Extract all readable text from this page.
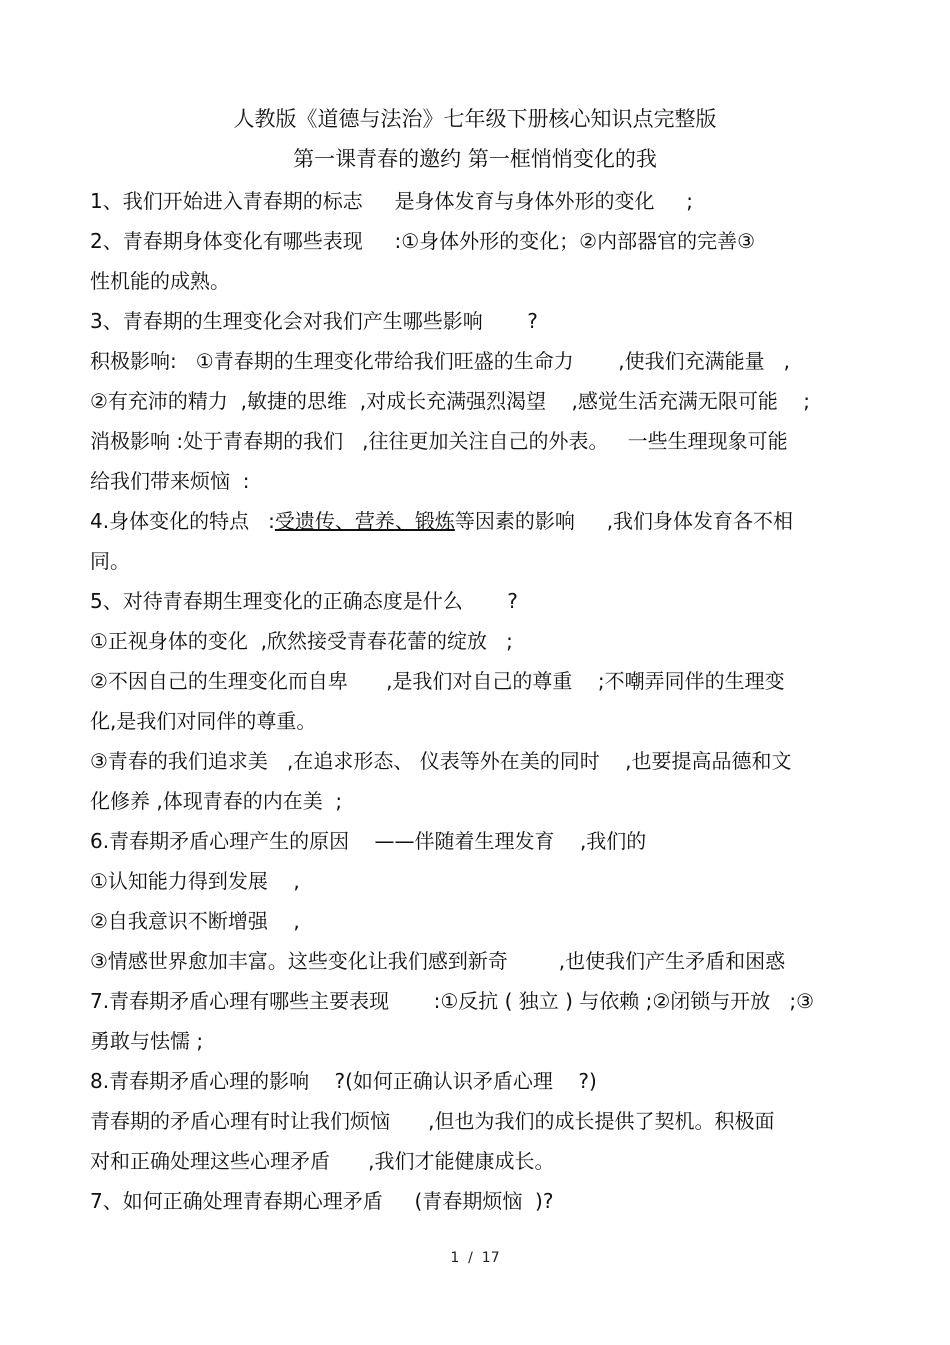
人教版《道德与法治》七年级下册核心知识点完整版
第一课青春的邀约 第一框悄悄变化的我
1、我们开始进入青春期的标志     是身体发育与身体外形的变化     ;
2、青春期身体变化有哪些表现     :①身体外形的变化；②内部器官的完善③
性机能的成熟。
3、青春期的生理变化会对我们产生哪些影响       ?
积极影响:   ①青春期的生理变化带给我们旺盛的生命力       ,使我们充满能量   ,
②有充沛的精力  ,敏捷的思维  ,对成长充满强烈渴望    ,感觉生活充满无限可能    ;
消极影响 :处于青春期的我们   ,往往更加关注自己的外表。   一些生理现象可能
给我们带来烦恼  :
4.身体变化的特点   :受遗传、营养、锻炼等因素的影响     ,我们身体发育各不相
同。
5、对待青春期生理变化的正确态度是什么       ?
①正视身体的变化  ,欣然接受青春花蕾的绽放   ;
②不因自己的生理变化而自卑      ,是我们对自己的尊重    ;不嘲弄同伴的生理变
化,是我们对同伴的尊重。
③青春的我们追求美   ,在追求形态、 仪表等外在美的同时    ,也要提高品德和文
化修养 ,体现青春的内在美  ;
6.青春期矛盾心理产生的原因    ——伴随着生理发育    ,我们的
①认知能力得到发展    ,
②自我意识不断增强    ,
③情感世界愈加丰富。这些变化让我们感到新奇        ,也使我们产生矛盾和困惑
7.青春期矛盾心理有哪些主要表现       :①反抗 ( 独立 ) 与依赖 ;②闭锁与开放   ;③
勇敢与怯懦 ;
8.青春期矛盾心理的影响    ?(如何正确认识矛盾心理    ?)
青春期的矛盾心理有时让我们烦恼      ,但也为我们的成长提供了契机。积极面
对和正确处理这些心理矛盾      ,我们才能健康成长。
7、如何正确处理青春期心理矛盾     (青春期烦恼  )?
1  /  17
